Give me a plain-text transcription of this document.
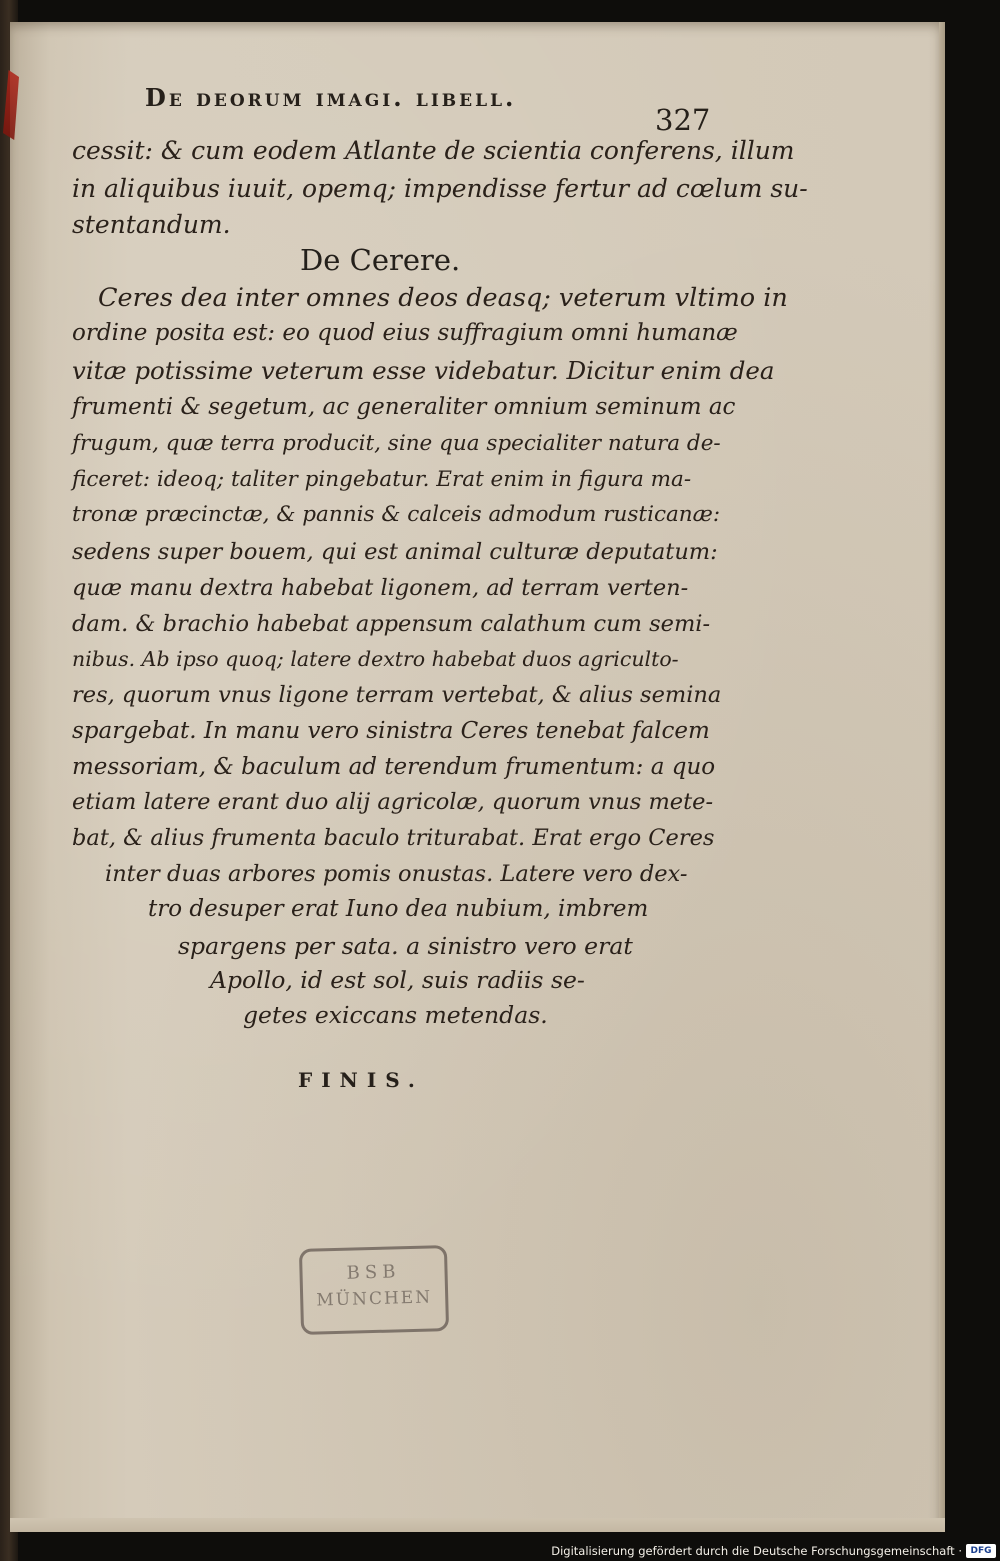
De deorum imagi. libell.
327
cessit: & cum eodem Atlante de scientia conferens, illum
in aliquibus iuuit, opemq; impendisse fertur ad cœlum su-
stentandum.
De Cerere.
Ceres dea inter omnes deos deasq; veterum vltimo in
ordine posita est: eo quod eius suffragium omni humanæ
vitæ potissime veterum esse videbatur. Dicitur enim dea
frumenti & segetum, ac generaliter omnium seminum ac
frugum, quæ terra producit, sine qua specialiter natura de-
ficeret: ideoq; taliter pingebatur. Erat enim in figura ma-
tronæ præcinctæ, & pannis & calceis admodum rusticanæ:
sedens super bouem, qui est animal culturæ deputatum:
quæ manu dextra habebat ligonem, ad terram verten-
dam. & brachio habebat appensum calathum cum semi-
nibus. Ab ipso quoq; latere dextro habebat duos agriculto-
res, quorum vnus ligone terram vertebat, & alius semina
spargebat. In manu vero sinistra Ceres tenebat falcem
messoriam, & baculum ad terendum frumentum: a quo
etiam latere erant duo alij agricolæ, quorum vnus mete-
bat, & alius frumenta baculo triturabat. Erat ergo Ceres
inter duas arbores pomis onustas. Latere vero dex-
tro desuper erat Iuno dea nubium, imbrem
spargens per sata. a sinistro vero erat
Apollo, id est sol, suis radiis se-
getes exiccans metendas.
FINIS.
BSB
MÜNCHEN
Digitalisierung gefördert durch die Deutsche Forschungsgemeinschaft · DFG
